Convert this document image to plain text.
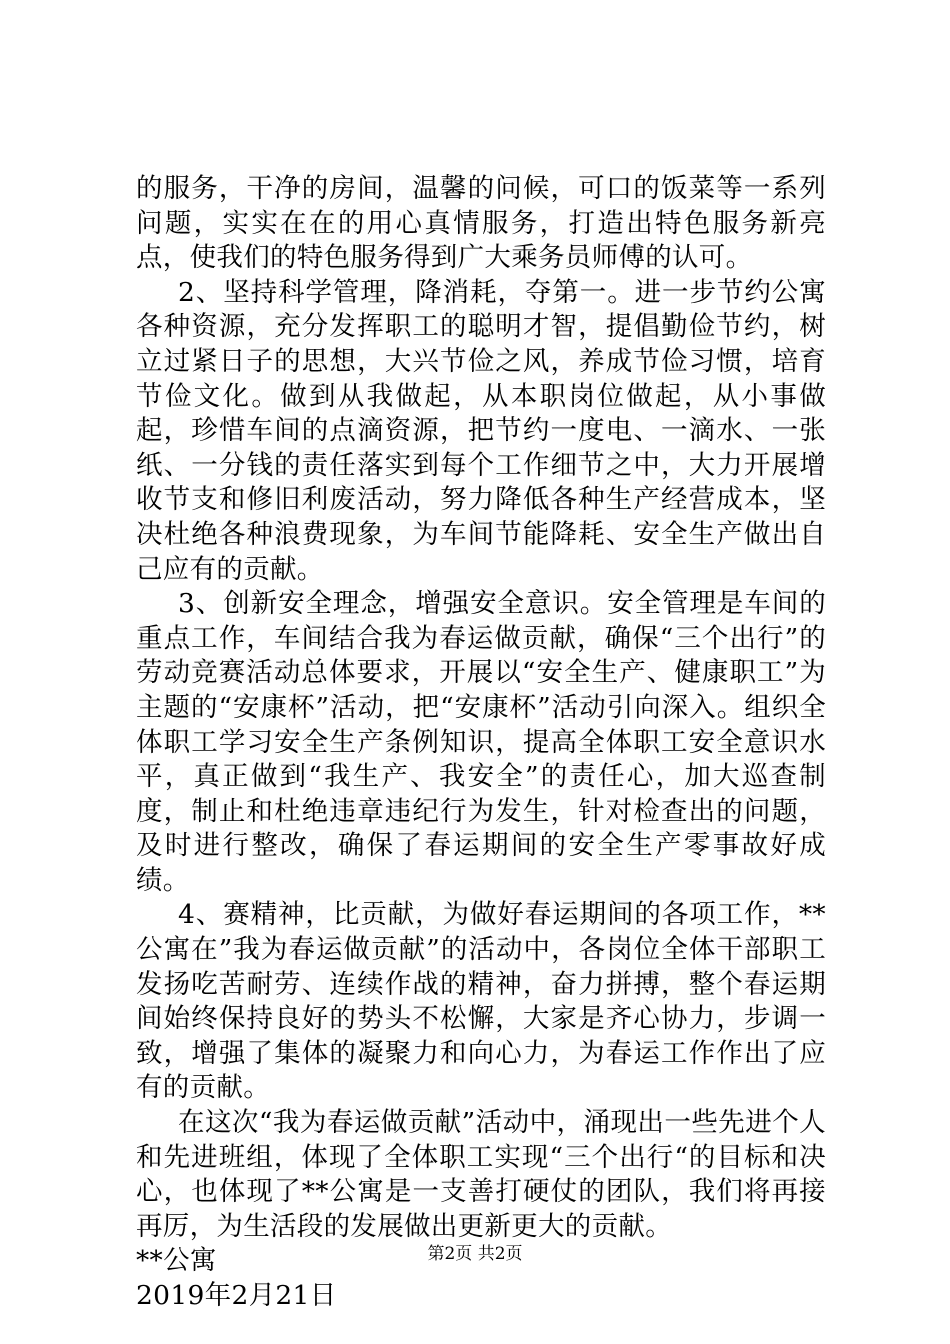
的服务，干净的房间，温馨的问候，可口的饭菜等一系列问题，实实在在的用心真情服务，打造出特色服务新亮点，使我们的特色服务得到广大乘务员师傅的认可。

2、坚持科学管理，降消耗，夺第一。进一步节约公寓各种资源，充分发挥职工的聪明才智，提倡勤俭节约，树立过紧日子的思想，大兴节俭之风，养成节俭习惯，培育节俭文化。做到从我做起，从本职岗位做起，从小事做起，珍惜车间的点滴资源，把节约一度电、一滴水、一张纸、一分钱的责任落实到每个工作细节之中，大力开展增收节支和修旧利废活动，努力降低各种生产经营成本，坚决杜绝各种浪费现象，为车间节能降耗、安全生产做出自己应有的贡献。

3、创新安全理念，增强安全意识。安全管理是车间的重点工作，车间结合我为春运做贡献，确保“三个出行”的劳动竞赛活动总体要求，开展以“安全生产、健康职工”为主题的“安康杯”活动，把“安康杯”活动引向深入。组织全体职工学习安全生产条例知识，提高全体职工安全意识水平，真正做到“我生产、我安全”的责任心，加大巡查制度，制止和杜绝违章违纪行为发生，针对检查出的问题，及时进行整改，确保了春运期间的安全生产零事故好成绩。

4、赛精神，比贡献，为做好春运期间的各项工作，**公寓在”我为春运做贡献”的活动中，各岗位全体干部职工发扬吃苦耐劳、连续作战的精神，奋力拼搏，整个春运期间始终保持良好的势头不松懈，大家是齐心协力，步调一致，增强了集体的凝聚力和向心力，为春运工作作出了应有的贡献。

在这次“我为春运做贡献”活动中，涌现出一些先进个人和先进班组，体现了全体职工实现“三个出行“的目标和决心，也体现了**公寓是一支善打硬仗的团队，我们将再接再厉，为生活段的发展做出更新更大的贡献。

**公寓

2019年2月21日

第2页 共2页
